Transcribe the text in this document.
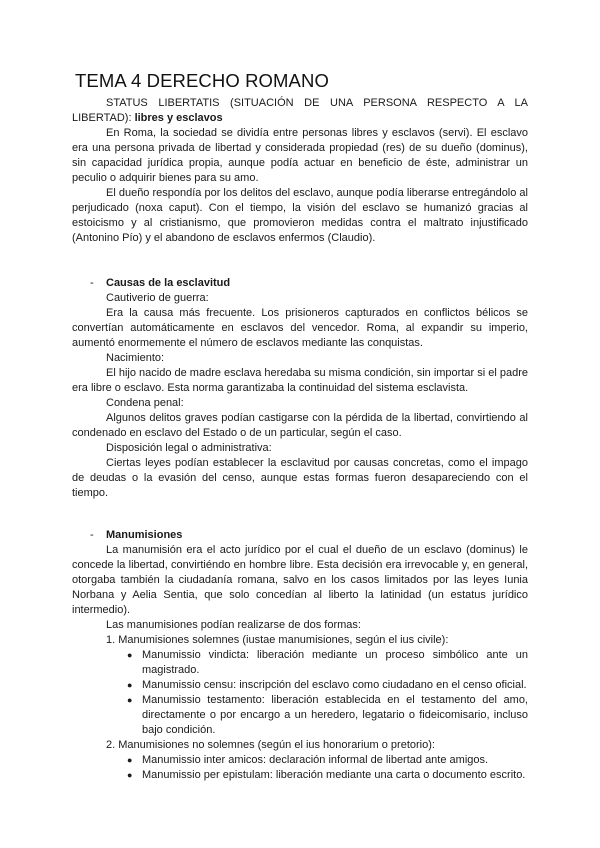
TEMA 4 DERECHO ROMANO

STATUS LIBERTATIS (SITUACIÓN DE UNA PERSONA RESPECTO A LA LIBERTAD): libres y esclavos

En Roma, la sociedad se dividía entre personas libres y esclavos (servi). El esclavo era una persona privada de libertad y considerada propiedad (res) de su dueño (dominus), sin capacidad jurídica propia, aunque podía actuar en beneficio de éste, administrar un peculio o adquirir bienes para su amo.

El dueño respondía por los delitos del esclavo, aunque podía liberarse entregándolo al perjudicado (noxa caput). Con el tiempo, la visión del esclavo se humanizó gracias al estoicismo y al cristianismo, que promovieron medidas contra el maltrato injustificado (Antonino Pío) y el abandono de esclavos enfermos (Claudio).

- Causas de la esclavitud

Cautiverio de guerra:

Era la causa más frecuente. Los prisioneros capturados en conflictos bélicos se convertían automáticamente en esclavos del vencedor. Roma, al expandir su imperio, aumentó enormemente el número de esclavos mediante las conquistas.

Nacimiento:

El hijo nacido de madre esclava heredaba su misma condición, sin importar si el padre era libre o esclavo. Esta norma garantizaba la continuidad del sistema esclavista.

Condena penal:

Algunos delitos graves podían castigarse con la pérdida de la libertad, convirtiendo al condenado en esclavo del Estado o de un particular, según el caso.

Disposición legal o administrativa:

Ciertas leyes podían establecer la esclavitud por causas concretas, como el impago de deudas o la evasión del censo, aunque estas formas fueron desapareciendo con el tiempo.

- Manumisiones

La manumisión era el acto jurídico por el cual el dueño de un esclavo (dominus) le concede la libertad, convirtiéndo en hombre libre. Esta decisión era irrevocable y, en general, otorgaba también la ciudadanía romana, salvo en los casos limitados por las leyes Iunia Norbana y Aelia Sentia, que solo concedían al liberto la latinidad (un estatus jurídico intermedio).

Las manumisiones podían realizarse de dos formas:

1. Manumisiones solemnes (iustae manumisiones, según el ius civile):

● Manumissio vindicta: liberación mediante un proceso simbólico ante un magistrado.
● Manumissio censu: inscripción del esclavo como ciudadano en el censo oficial.
● Manumissio testamento: liberación establecida en el testamento del amo, directamente o por encargo a un heredero, legatario o fideicomisario, incluso bajo condición.

2. Manumisiones no solemnes (según el ius honorarium o pretorio):

● Manumissio inter amicos: declaración informal de libertad ante amigos.
● Manumissio per epistulam: liberación mediante una carta o documento escrito.
